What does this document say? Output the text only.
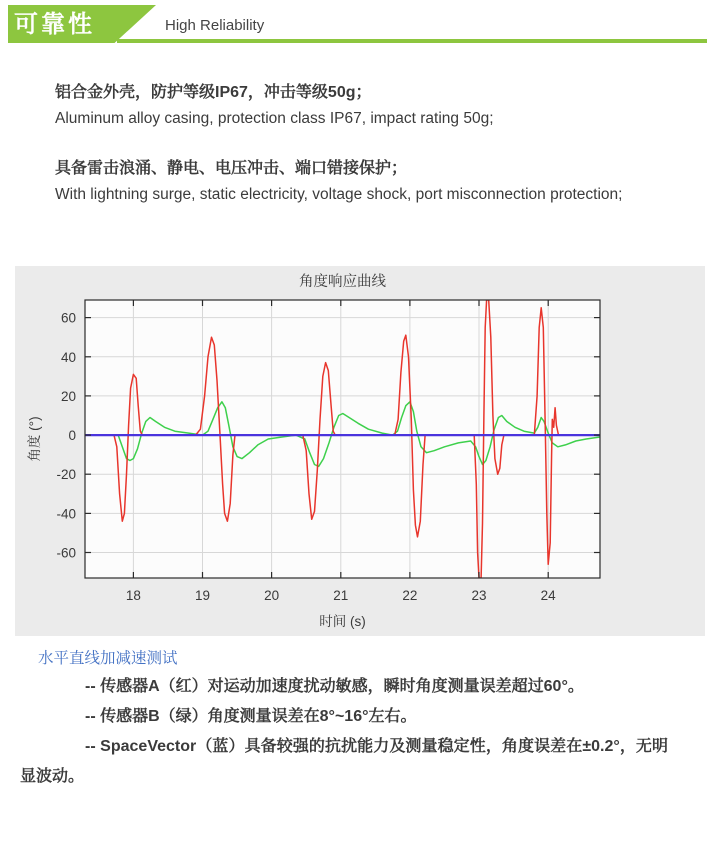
可靠性	High Reliability
铝合金外壳，防护等级IP67，冲击等级50g；
Aluminum alloy casing, protection class IP67, impact rating 50g;
具备雷击浪涌、静电、电压冲击、端口错接保护；
With lightning surge, static electricity, voltage shock, port misconnection protection;
18	19	20	21	22	23	24
-60
-40
-20
0
20
40
60
角度响应曲线
时间 (s)
角度 (°)
水平直线加减速测试

-- 传感器A（红）对运动加速度扰动敏感，瞬时角度测量误差超过60°。

-- 传感器B（绿）角度测量误差在8°~16°左右。

-- SpaceVector（蓝）具备较强的抗扰能力及测量稳定性，角度误差在±0.2°，无明显波动。
